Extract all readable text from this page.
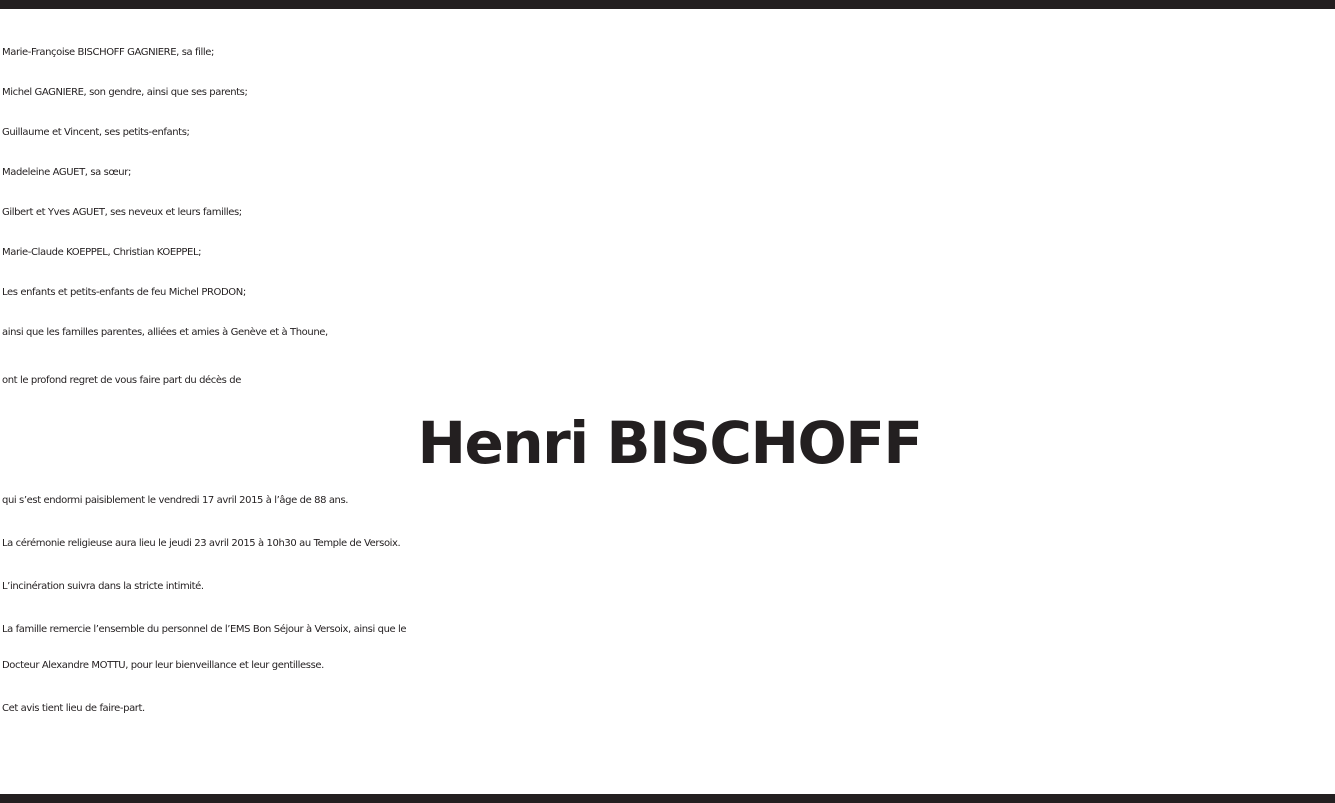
Marie-Françoise BISCHOFF GAGNIERE, sa fille;
Michel GAGNIERE, son gendre, ainsi que ses parents;
Guillaume et Vincent, ses petits-enfants;
Madeleine AGUET, sa sœur;
Gilbert et Yves AGUET, ses neveux et leurs familles;
Marie-Claude KOEPPEL, Christian KOEPPEL;
Les enfants et petits-enfants de feu Michel PRODON;
ainsi que les familles parentes, alliées et amies à Genève et à Thoune,
ont le profond regret de vous faire part du décès de
Henri BISCHOFF
qui s’est endormi paisiblement le vendredi 17 avril 2015 à l’âge de 88 ans.
La cérémonie religieuse aura lieu le jeudi 23 avril 2015 à 10h30 au Temple de Versoix.
L’incinération suivra dans la stricte intimité.
La famille remercie l’ensemble du personnel de l’EMS Bon Séjour à Versoix, ainsi que le
Docteur Alexandre MOTTU, pour leur bienveillance et leur gentillesse.
Cet avis tient lieu de faire-part.
